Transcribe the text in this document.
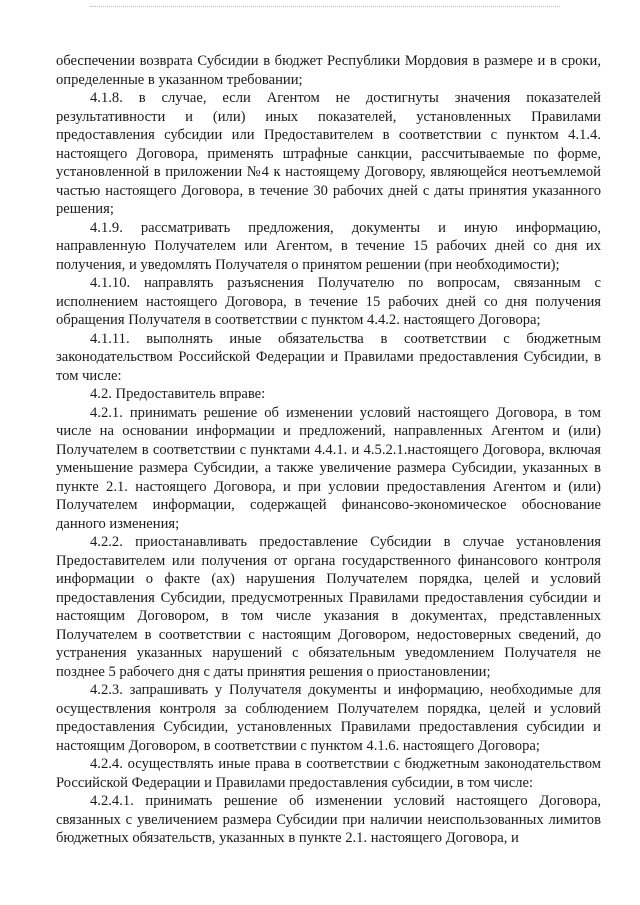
обеспечении возврата Субсидии в бюджет Республики Мордовия в размере и в сроки, определенные в указанном требовании;

4.1.8. в случае, если Агентом не достигнуты значения показателей результативности и (или) иных показателей, установленных Правилами предоставления субсидии или Предоставителем в соответствии с пунктом 4.1.4. настоящего Договора, применять штрафные санкции, рассчитываемые по форме, установленной в приложении №4 к настоящему Договору, являющейся неотъемлемой частью настоящего Договора, в течение 30 рабочих дней с даты принятия указанного решения;

4.1.9. рассматривать предложения, документы и иную информацию, направленную Получателем или Агентом, в течение 15 рабочих дней со дня их получения, и уведомлять Получателя о принятом решении (при необходимости);

4.1.10. направлять разъяснения Получателю по вопросам, связанным с исполнением настоящего Договора, в течение 15 рабочих дней со дня получения обращения Получателя в соответствии с пунктом 4.4.2. настоящего Договора;

4.1.11. выполнять иные обязательства в соответствии с бюджетным законодательством Российской Федерации и Правилами предоставления Субсидии, в том числе:

4.2. Предоставитель вправе:

4.2.1. принимать решение об изменении условий настоящего Договора, в том числе на основании информации и предложений, направленных Агентом и (или) Получателем в соответствии с пунктами 4.4.1. и 4.5.2.1.настоящего Договора, включая уменьшение размера Субсидии, а также увеличение размера Субсидии, указанных в пункте 2.1. настоящего Договора, и при условии предоставления Агентом и (или) Получателем информации, содержащей финансово-экономическое обоснование данного изменения;

4.2.2. приостанавливать предоставление Субсидии в случае установления Предоставителем или получения от органа государственного финансового контроля информации о факте (ах) нарушения Получателем порядка, целей и условий предоставления Субсидии, предусмотренных Правилами предоставления субсидии и настоящим Договором, в том числе указания в документах, представленных Получателем в соответствии с настоящим Договором, недостоверных сведений, до устранения указанных нарушений с обязательным уведомлением Получателя не позднее 5 рабочего дня с даты принятия решения о приостановлении;

4.2.3. запрашивать у Получателя документы и информацию, необходимые для осуществления контроля за соблюдением Получателем порядка, целей и условий предоставления Субсидии, установленных Правилами предоставления субсидии и настоящим Договором, в соответствии с пунктом 4.1.6. настоящего Договора;

4.2.4. осуществлять иные права в соответствии с бюджетным законодательством Российской Федерации и Правилами предоставления субсидии, в том числе:

4.2.4.1. принимать решение об изменении условий настоящего Договора, связанных с увеличением размера Субсидии при наличии неиспользованных лимитов бюджетных обязательств, указанных в пункте 2.1. настоящего Договора, и
